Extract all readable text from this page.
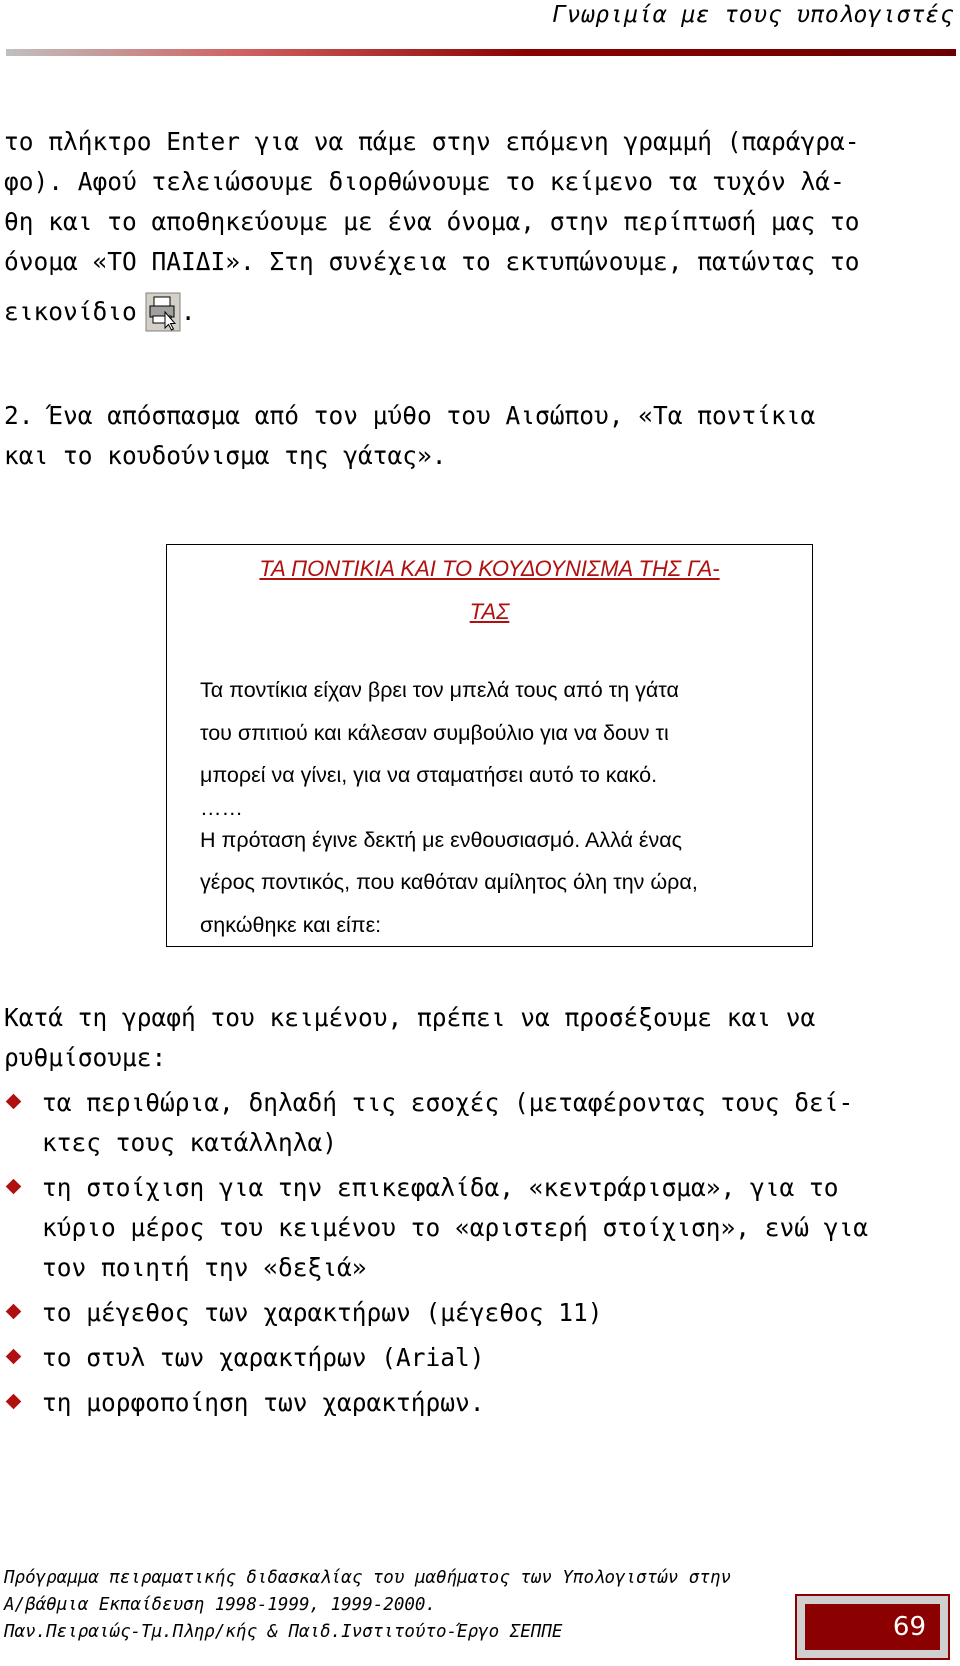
Γνωριμία με τους υπολογιστές
το πλήκτρο Enter για να πάμε στην επόμενη γραμμή (παράγρα-
φο). Αφού τελειώσουμε διορθώνουμε το κείμενο τα τυχόν λά-
θη και το αποθηκεύουμε με ένα όνομα, στην περίπτωσή μας το
όνομα «ΤΟ ΠΑΙΔΙ». Στη συνέχεια το εκτυπώνουμε, πατώντας το
εικονίδιο .
2. Ένα απόσπασμα από τον μύθο του Αισώπου, «Τα ποντίκια
και το κουδούνισμα της γάτας».
ΤΑ ΠΟΝΤΙΚΙΑ ΚΑΙ ΤΟ ΚΟΥΔΟΥΝΙΣΜΑ ΤΗΣ ΓΑ-
ΤΑΣ
Τα ποντίκια είχαν βρει τον μπελά τους από τη γάτα
του σπιτιού και κάλεσαν συμβούλιο για να δουν τι
μπορεί να γίνει, για να σταματήσει αυτό το κακό.
……
Η πρόταση έγινε δεκτή με ενθουσιασμό. Αλλά ένας
γέρος ποντικός, που καθόταν αμίλητος όλη την ώρα,
σηκώθηκε και είπε:
Κατά τη γραφή του κειμένου, πρέπει να προσέξουμε και να
ρυθμίσουμε:
τα περιθώρια, δηλαδή τις εσοχές (μεταφέροντας τους δεί-
κτες τους κατάλληλα)
τη στοίχιση για την επικεφαλίδα, «κεντράρισμα», για το
κύριο μέρος του κειμένου το «αριστερή στοίχιση», ενώ για
τον ποιητή την «δεξιά»
το μέγεθος των χαρακτήρων (μέγεθος 11)
το στυλ των χαρακτήρων (Arial)
τη μορφοποίηση των χαρακτήρων.
Πρόγραμμα πειραματικής διδασκαλίας του μαθήματος των Υπολογιστών στην
Α/βάθμια Εκπαίδευση 1998-1999, 1999-2000.
Παν.Πειραιώς-Τμ.Πληρ/κής & Παιδ.Ινστιτούτο-Έργο ΣΕΠΠΕ	69
